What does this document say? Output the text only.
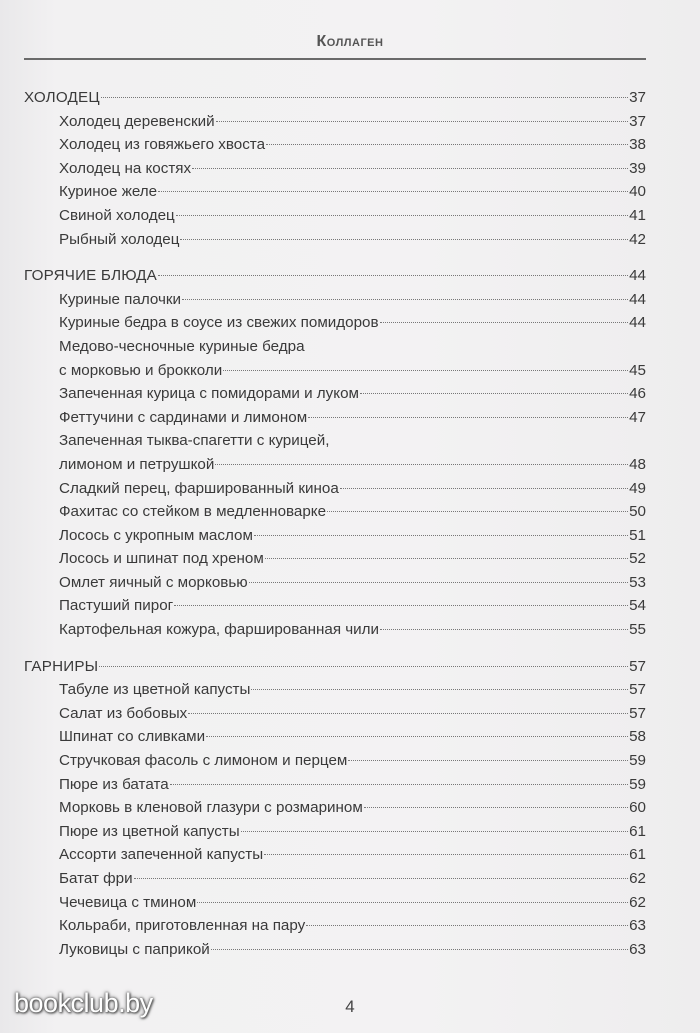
Коллаген
ХОЛОДЕЦ	37
Холодец деревенский	37
Холодец из говяжьего хвоста	38
Холодец на костях	39
Куриное желе	40
Свиной холодец	41
Рыбный холодец	42
ГОРЯЧИЕ БЛЮДА	44
Куриные палочки	44
Куриные бедра в соусе из свежих помидоров	44
Медово-чесночные куриные бедра
с морковью и брокколи	45
Запеченная курица с помидорами и луком	46
Феттучини с сардинами и лимоном	47
Запеченная тыква-спагетти с курицей,
лимоном и петрушкой	48
Сладкий перец, фаршированный киноа	49
Фахитас со стейком в медленноварке	50
Лосось с укропным маслом	51
Лосось и шпинат под хреном	52
Омлет яичный с морковью	53
Пастуший пирог	54
Картофельная кожура, фаршированная чили	55
ГАРНИРЫ	57
Табуле из цветной капусты	57
Салат из бобовых	57
Шпинат со сливками	58
Стручковая фасоль с лимоном и перцем	59
Пюре из батата	59
Морковь в кленовой глазури с розмарином	60
Пюре из цветной капусты	61
Ассорти запеченной капусты	61
Батат фри	62
Чечевица с тмином	62
Кольраби, приготовленная на пару	63
Луковицы с паприкой	63
4
bookclub.by
